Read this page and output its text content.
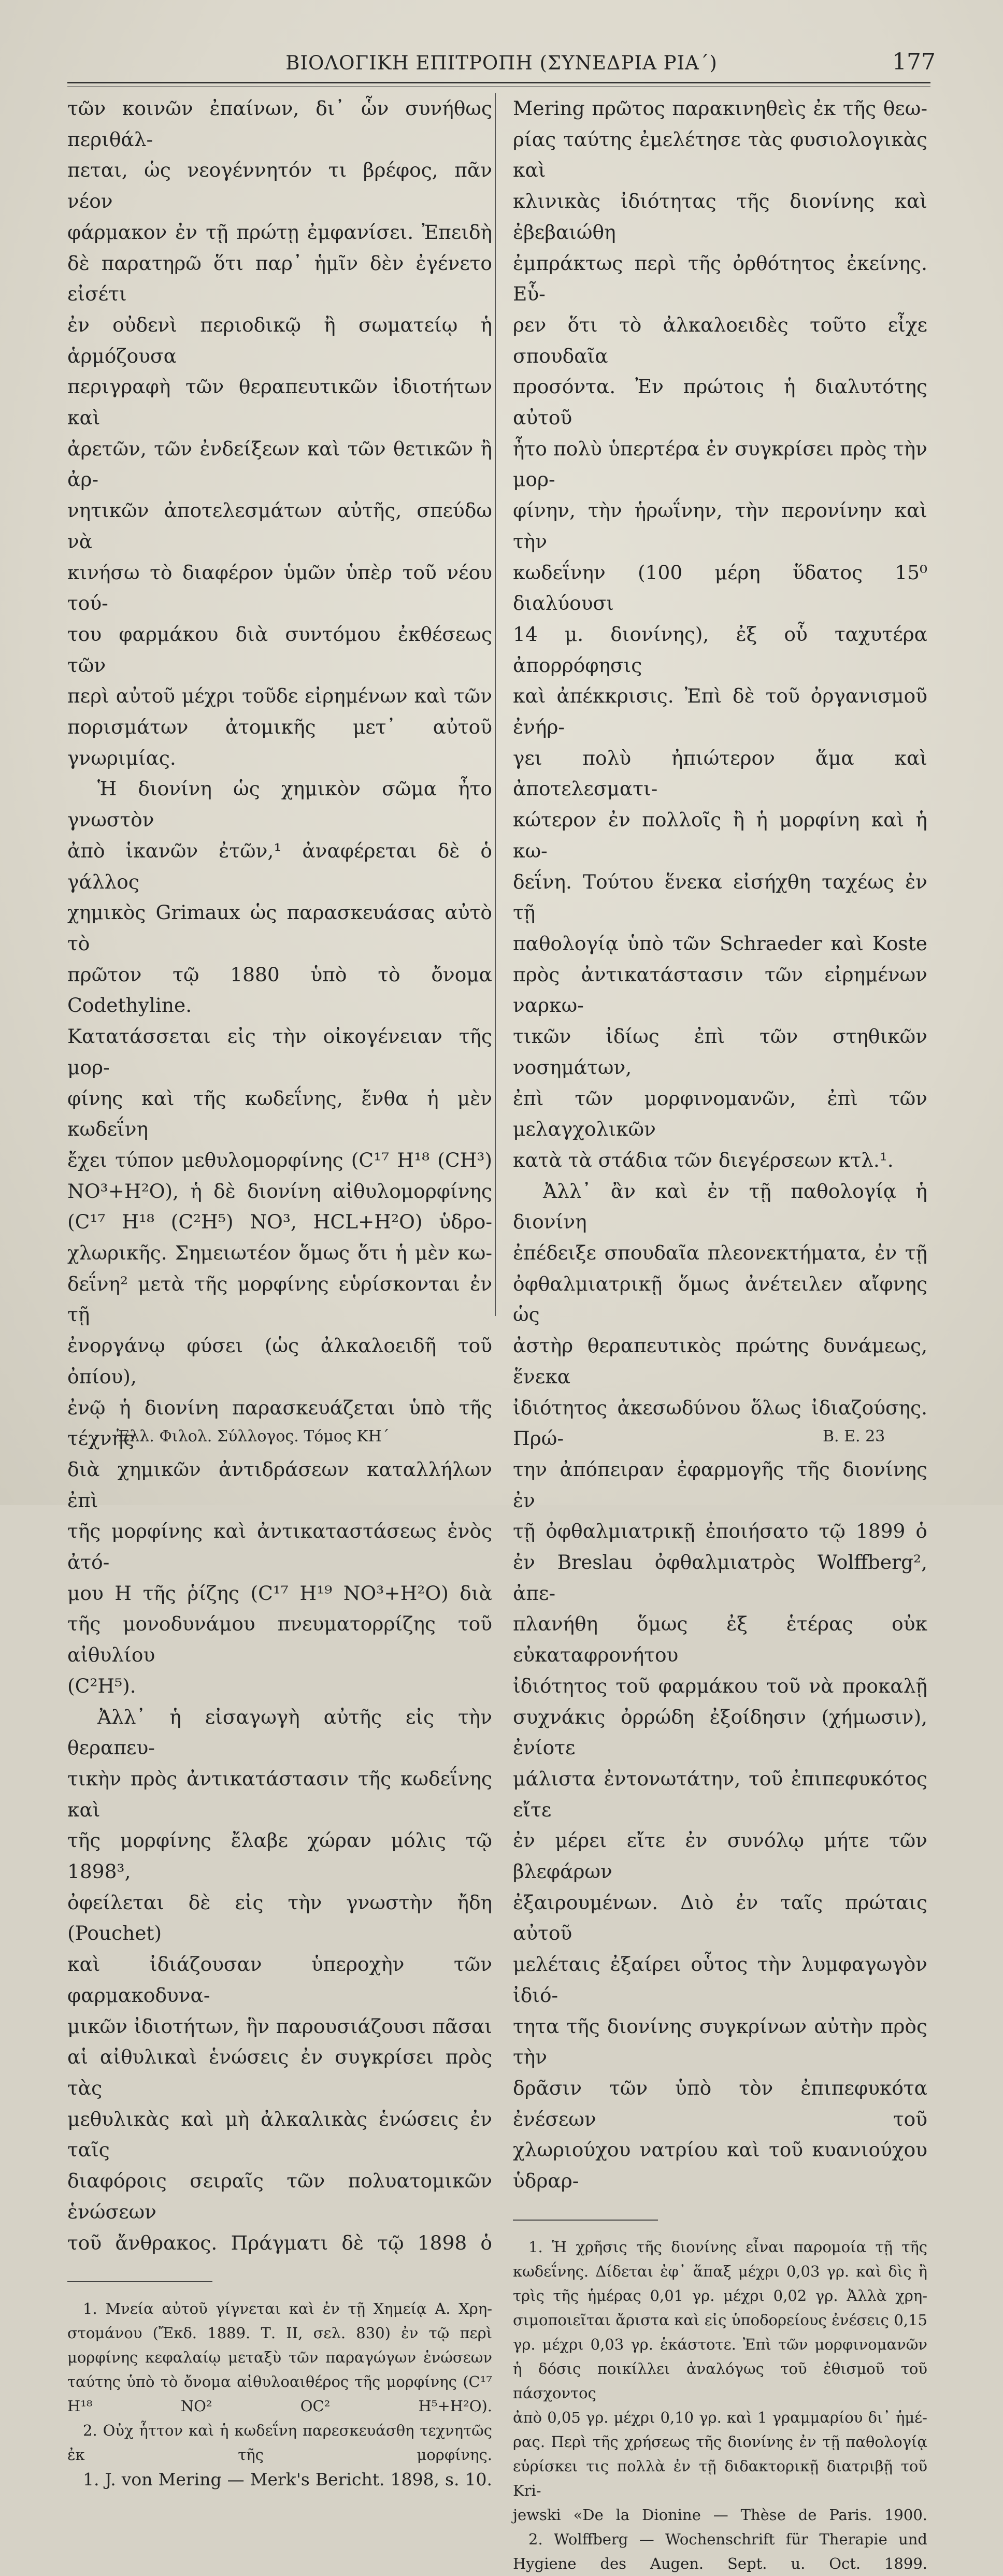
ΒΙΟΛΟΓΙΚΗ ΕΠΙΤΡΟΠΗ (ΣΥΝΕΔΡΙΑ ΡΙΑ΄)	177

τῶν κοινῶν ἐπαίνων, δι᾿ ὧν συνήθως περιθάλ-

πεται, ὡς νεογέννητόν τι βρέφος, πᾶν νέον

φάρμακον ἐν τῇ πρώτῃ ἐμφανίσει. Ἐπειδὴ

δὲ παρατηρῶ ὅτι παρ᾿ ἡμῖν δὲν ἐγένετο εἰσέτι

ἐν οὐδενὶ περιοδικῷ ἢ σωματείῳ ἡ ἁρμόζουσα

περιγραφὴ τῶν θεραπευτικῶν ἰδιοτήτων καὶ

ἀρετῶν, τῶν ἐνδείξεων καὶ τῶν θετικῶν ἢ ἀρ-

νητικῶν ἀποτελεσμάτων αὐτῆς, σπεύδω νὰ

κινήσω τὸ διαφέρον ὑμῶν ὑπὲρ τοῦ νέου τού-

του φαρμάκου διὰ συντόμου ἐκθέσεως τῶν

περὶ αὐτοῦ μέχρι τοῦδε εἰρημένων καὶ τῶν

πορισμάτων ἀτομικῆς μετ᾿ αὐτοῦ γνωριμίας.

Ἡ διονίνη ὡς χημικὸν σῶμα ἦτο γνωστὸν

ἀπὸ ἱκανῶν ἐτῶν,¹ ἀναφέρεται δὲ ὁ γάλλος

χημικὸς Grimaux ὡς παρασκευάσας αὐτὸ τὸ

πρῶτον τῷ 1880 ὑπὸ τὸ ὄνομα Codethyline.

Κατατάσσεται εἰς τὴν οἰκογένειαν τῆς μορ-

φίνης καὶ τῆς κωδεΐνης, ἔνθα ἡ μὲν κωδεΐνη

ἔχει τύπον μεθυλομορφίνης (C¹⁷ H¹⁸ (CH³)

NO³+H²O), ἡ δὲ διονίνη αἰθυλομορφίνης

(C¹⁷ H¹⁸ (C²H⁵) NO³, HCL+H²O) ὑδρο-

χλωρικῆς. Σημειωτέον ὅμως ὅτι ἡ μὲν κω-

δεΐνη² μετὰ τῆς μορφίνης εὑρίσκονται ἐν τῇ

ἐνοργάνῳ φύσει (ὡς ἀλκαλοειδῆ τοῦ ὀπίου),

ἐνῷ ἡ διονίνη παρασκευάζεται ὑπὸ τῆς τέχνης

διὰ χημικῶν ἀντιδράσεων καταλλήλων ἐπὶ

τῆς μορφίνης καὶ ἀντικαταστάσεως ἑνὸς ἀτό-

μου H τῆς ῥίζης (C¹⁷ H¹⁹ NO³+H²O) διὰ

τῆς μονοδυνάμου πνευματορρίζης τοῦ αἰθυλίου

(C²H⁵).

Ἀλλ᾿ ἡ εἰσαγωγὴ αὐτῆς εἰς τὴν θεραπευ-

τικὴν πρὸς ἀντικατάστασιν τῆς κωδεΐνης καὶ

τῆς μορφίνης ἔλαβε χώραν μόλις τῷ 1898³,

ὀφείλεται δὲ εἰς τὴν γνωστὴν ἤδη (Pouchet)

καὶ ἰδιάζουσαν ὑπεροχὴν τῶν φαρμακοδυνα-

μικῶν ἰδιοτήτων, ἣν παρουσιάζουσι πᾶσαι

αἱ αἰθυλικαὶ ἑνώσεις ἐν συγκρίσει πρὸς τὰς

μεθυλικὰς καὶ μὴ ἀλκαλικὰς ἑνώσεις ἐν ταῖς

διαφόροις σειραῖς τῶν πολυατομικῶν ἑνώσεων

τοῦ ἄνθρακος. Πράγματι δὲ τῷ 1898 ὁ

1. Μνεία αὐτοῦ γίγνεται καὶ ἐν τῇ Χημείᾳ Α. Χρη-

στομάνου (Ἔκδ. 1889. Τ. ΙΙ, σελ. 830) ἐν τῷ περὶ

μορφίνης κεφαλαίῳ μεταξὺ τῶν παραγώγων ἑνώσεων

ταύτης ὑπὸ τὸ ὄνομα αἰθυλοαιθέρος τῆς μορφίνης (C¹⁷

H¹⁸ NO² OC² H⁵+H²O).

2. Οὐχ ἧττον καὶ ἡ κωδεΐνη παρεσκευάσθη τεχνητῶς

ἐκ τῆς μορφίνης.

1. J. von Mering — Merk's Bericht. 1898, s. 10.

Mering πρῶτος παρακινηθεὶς ἐκ τῆς θεω-

ρίας ταύτης ἐμελέτησε τὰς φυσιολογικὰς καὶ

κλινικὰς ἰδιότητας τῆς διονίνης καὶ ἐβεβαιώθη

ἐμπράκτως περὶ τῆς ὀρθότητος ἐκείνης. Εὗ-

ρεν ὅτι τὸ ἀλκαλοειδὲς τοῦτο εἶχε σπουδαῖα

προσόντα. Ἐν πρώτοις ἡ διαλυτότης αὐτοῦ

ἦτο πολὺ ὑπερτέρα ἐν συγκρίσει πρὸς τὴν μορ-

φίνην, τὴν ἡρωΐνην, τὴν περονίνην καὶ τὴν

κωδεΐνην (100 μέρη ὕδατος 15⁰ διαλύουσι

14 μ. διονίνης), ἐξ οὗ ταχυτέρα ἀπορρόφησις

καὶ ἀπέκκρισις. Ἐπὶ δὲ τοῦ ὀργανισμοῦ ἐνήρ-

γει πολὺ ἠπιώτερον ἅμα καὶ ἀποτελεσματι-

κώτερον ἐν πολλοῖς ἢ ἡ μορφίνη καὶ ἡ κω-

δεΐνη. Τούτου ἕνεκα εἰσήχθη ταχέως ἐν τῇ

παθολογίᾳ ὑπὸ τῶν Schraeder καὶ Koste

πρὸς ἀντικατάστασιν τῶν εἰρημένων ναρκω-

τικῶν ἰδίως ἐπὶ τῶν στηθικῶν νοσημάτων,

ἐπὶ τῶν μορφινομανῶν, ἐπὶ τῶν μελαγχολικῶν

κατὰ τὰ στάδια τῶν διεγέρσεων κτλ.¹.

Ἀλλ᾿ ἂν καὶ ἐν τῇ παθολογίᾳ ἡ διονίνη

ἐπέδειξε σπουδαῖα πλεονεκτήματα, ἐν τῇ

ὀφθαλμιατρικῇ ὅμως ἀνέτειλεν αἴφνης ὡς

ἀστὴρ θεραπευτικὸς πρώτης δυνάμεως, ἕνεκα

ἰδιότητος ἀκεσωδύνου ὅλως ἰδιαζούσης. Πρώ-

την ἀπόπειραν ἐφαρμογῆς τῆς διονίνης ἐν

τῇ ὀφθαλμιατρικῇ ἐποιήσατο τῷ 1899 ὁ

ἐν Breslau ὀφθαλμιατρὸς Wolffberg², ἀπε-

πλανήθη ὅμως ἐξ ἑτέρας οὐκ εὐκαταφρονήτου

ἰδιότητος τοῦ φαρμάκου τοῦ νὰ προκαλῇ

συχνάκις ὀρρώδη ἐξοίδησιν (χήμωσιν), ἐνίοτε

μάλιστα ἐντονωτάτην, τοῦ ἐπιπεφυκότος εἴτε

ἐν μέρει εἴτε ἐν συνόλῳ μήτε τῶν βλεφάρων

ἐξαιρουμένων. Διὸ ἐν ταῖς πρώταις αὐτοῦ

μελέταις ἐξαίρει οὗτος τὴν λυμφαγωγὸν ἰδιό-

τητα τῆς διονίνης συγκρίνων αὐτὴν πρὸς τὴν

δρᾶσιν τῶν ὑπὸ τὸν ἐπιπεφυκότα ἐνέσεων τοῦ

χλωριούχου νατρίου καὶ τοῦ κυανιούχου ὑδραρ-

1. Ἡ χρῆσις τῆς διονίνης εἶναι παρομοία τῇ τῆς

κωδεΐνης. Δίδεται ἐφ᾿ ἅπαξ μέχρι 0,03 γρ. καὶ δὶς ἢ

τρὶς τῆς ἡμέρας 0,01 γρ. μέχρι 0,02 γρ. Ἀλλὰ χρη-

σιμοποιεῖται ἄριστα καὶ εἰς ὑποδορείους ἐνέσεις 0,15

γρ. μέχρι 0,03 γρ. ἑκάστοτε. Ἐπὶ τῶν μορφινομανῶν

ἡ δόσις ποικίλλει ἀναλόγως τοῦ ἐθισμοῦ τοῦ πάσχοντος

ἀπὸ 0,05 γρ. μέχρι 0,10 γρ. καὶ 1 γραμμαρίου δι᾿ ἡμέ-

ρας. Περὶ τῆς χρήσεως τῆς διονίνης ἐν τῇ παθολογίᾳ

εὑρίσκει τις πολλὰ ἐν τῇ διδακτορικῇ διατριβῇ τοῦ Kri-

jewski «De la Dionine — Thèse de Paris. 1900.

2. Wolffberg — Wochenschrift für Therapie und

Hygiene des Augen. Sept. u. Oct. 1899.

Ἑλλ. Φιλολ. Σύλλογος. Τόμος ΚΗ΄	Β. Ε. 23
